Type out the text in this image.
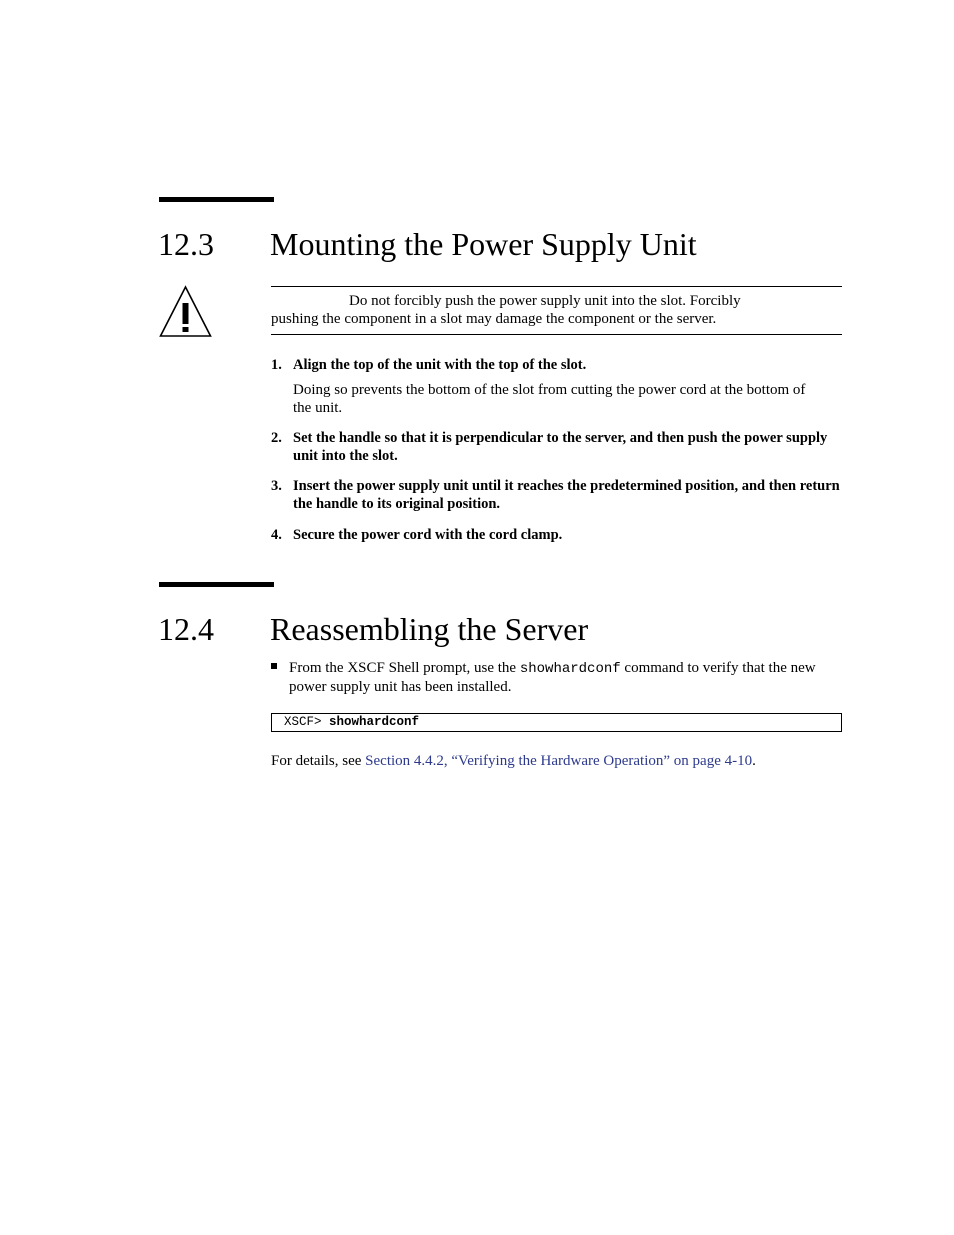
12.3 Mounting the Power Supply Unit
Do not forcibly push the power supply unit into the slot. Forcibly
pushing the component in a slot may damage the component or the server.
1. Align the top of the unit with the top of the slot.
Doing so prevents the bottom of the slot from cutting the power cord at the bottom of the unit.
2. Set the handle so that it is perpendicular to the server, and then push the power supply unit into the slot.
3. Insert the power supply unit until it reaches the predetermined position, and then return the handle to its original position.
4. Secure the power cord with the cord clamp.
12.4 Reassembling the Server
From the XSCF Shell prompt, use the showhardconf command to verify that the new power supply unit has been installed.
XSCF> showhardconf
For details, see Section 4.4.2, “Verifying the Hardware Operation” on page 4-10.
